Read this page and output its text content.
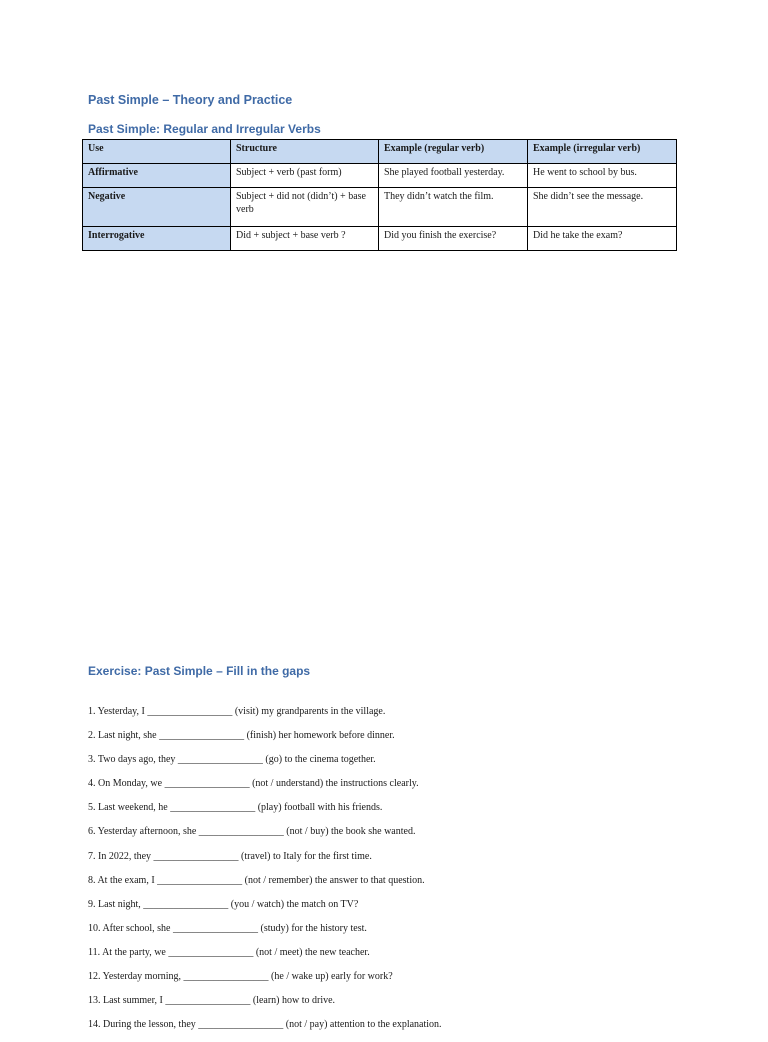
Past Simple – Theory and Practice
Past Simple: Regular and Irregular Verbs
Use	Structure	Example (regular verb)	Example (irregular verb)
Affirmative	Subject + verb (past form)	She played football yesterday.	He went to school by bus.
Negative	Subject + did not (didn’t) + base verb	They didn’t watch the film.	She didn’t see the message.
Interrogative	Did + subject + base verb ?	Did you finish the exercise?	Did he take the exam?
Exercise: Past Simple – Fill in the gaps
1. Yesterday, I _________________ (visit) my grandparents in the village.
2. Last night, she _________________ (finish) her homework before dinner.
3. Two days ago, they _________________ (go) to the cinema together.
4. On Monday, we _________________ (not / understand) the instructions clearly.
5. Last weekend, he _________________ (play) football with his friends.
6. Yesterday afternoon, she _________________ (not / buy) the book she wanted.
7. In 2022, they _________________ (travel) to Italy for the first time.
8. At the exam, I _________________ (not / remember) the answer to that question.
9. Last night, _________________ (you / watch) the match on TV?
10. After school, she _________________ (study) for the history test.
11. At the party, we _________________ (not / meet) the new teacher.
12. Yesterday morning, _________________ (he / wake up) early for work?
13. Last summer, I _________________ (learn) how to drive.
14. During the lesson, they _________________ (not / pay) attention to the explanation.
